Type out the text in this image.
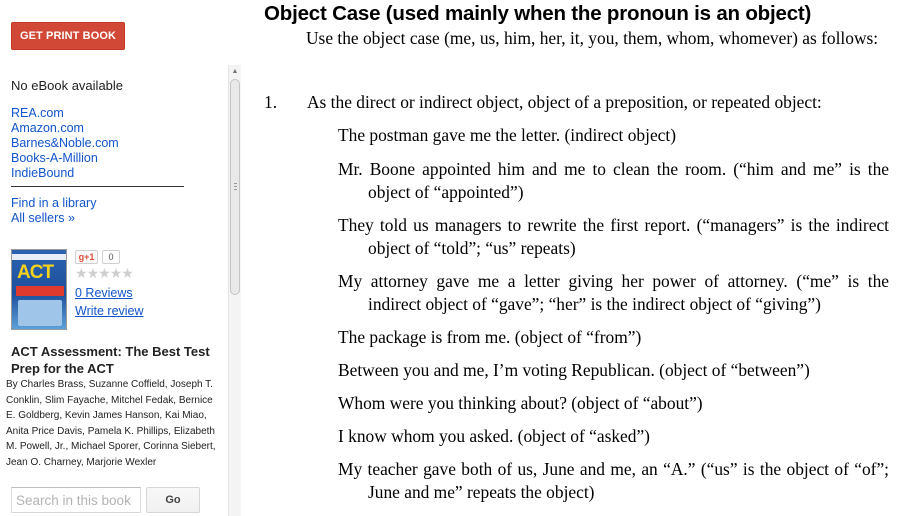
GET PRINT BOOK
No eBook available
REA.com
Amazon.com
Barnes&Noble.com
Books-A-Million
IndieBound
Find in a library
All sellers »
ACT
g+1	0
★★★★★
0 Reviews
Write review
ACT Assessment: The Best Test Prep for the ACT
By Charles Brass, Suzanne Coffield, Joseph T. Conklin, Slim Fayache, Mitchel Fedak, Bernice E. Goldberg, Kevin James Hanson, Kai Miao, Anita Price Davis, Pamela K. Phillips, Elizabeth M. Powell, Jr., Michael Sporer, Corinna Siebert, Jean O. Charney, Marjorie Wexler
Search in this book
Go
▲
Object Case (used mainly when the pronoun is an object)

Use the object case (me, us, him, her, it, you, them, whom, whomever) as follows:

1. As the direct or indirect object, object of a preposition, or repeated object:

The postman gave me the letter. (indirect object)

Mr. Boone appointed him and me to clean the room. (“him and me” is the object of “appointed”)

They told us managers to rewrite the first report. (“managers” is the indirect object of “told”; “us” repeats)

My attorney gave me a letter giving her power of attorney. (“me” is the indirect object of “gave”; “her” is the indirect object of “giving”)

The package is from me. (object of “from”)

Between you and me, I’m voting Republican. (object of “between”)

Whom were you thinking about? (object of “about”)

I know whom you asked. (object of “asked”)

My teacher gave both of us, June and me, an “A.” (“us” is the object of “of”; June and me” repeats the object)
